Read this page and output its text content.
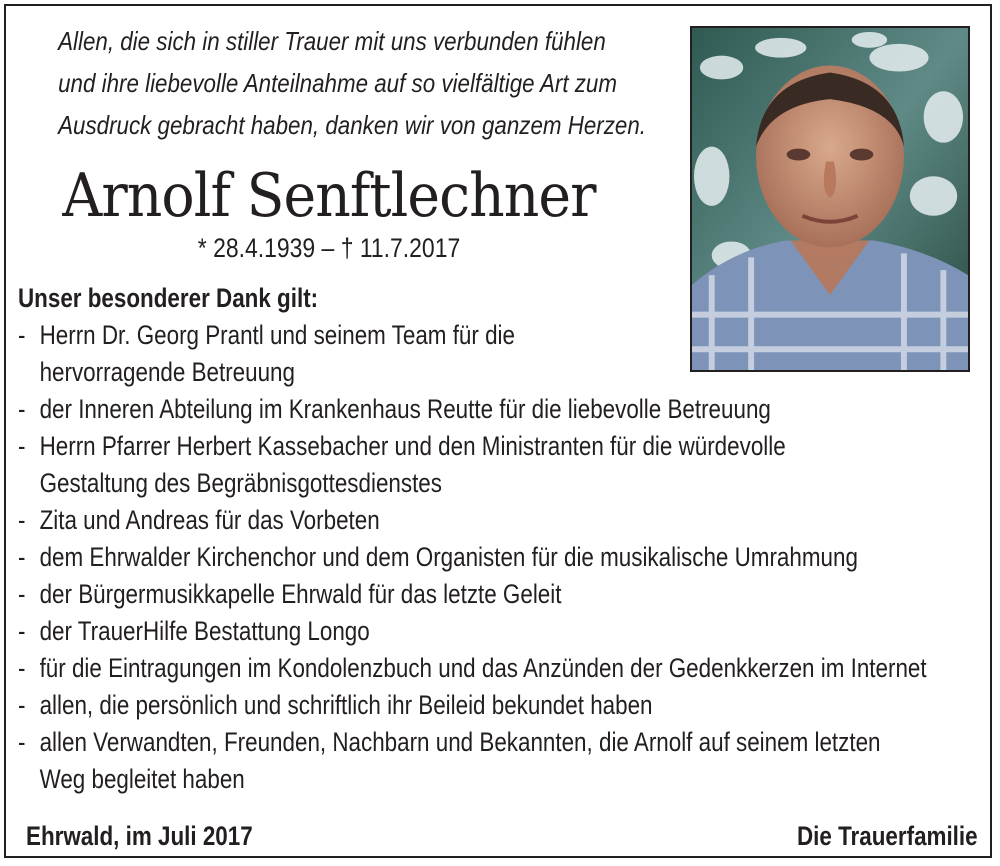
Allen, die sich in stiller Trauer mit uns verbunden fühlen
und ihre liebevolle Anteilnahme auf so vielfältige Art zum
Ausdruck gebracht haben, danken wir von ganzem Herzen.
Arnolf Senftlechner
* 28.4.1939 – † 11.7.2017
Unser besonderer Dank gilt:
- Herrn Dr. Georg Prantl und seinem Team für die
hervorragende Betreuung
- der Inneren Abteilung im Krankenhaus Reutte für die liebevolle Betreuung
- Herrn Pfarrer Herbert Kassebacher und den Ministranten für die würdevolle
Gestaltung des Begräbnisgottesdienstes
- Zita und Andreas für das Vorbeten
- dem Ehrwalder Kirchenchor und dem Organisten für die musikalische Umrahmung
- der Bürgermusikkapelle Ehrwald für das letzte Geleit
- der TrauerHilfe Bestattung Longo
- für die Eintragungen im Kondolenzbuch und das Anzünden der Gedenkkerzen im Internet
- allen, die persönlich und schriftlich ihr Beileid bekundet haben
- allen Verwandten, Freunden, Nachbarn und Bekannten, die Arnolf auf seinem letzten
Weg begleitet haben
Ehrwald, im Juli 2017	Die Trauerfamilie
